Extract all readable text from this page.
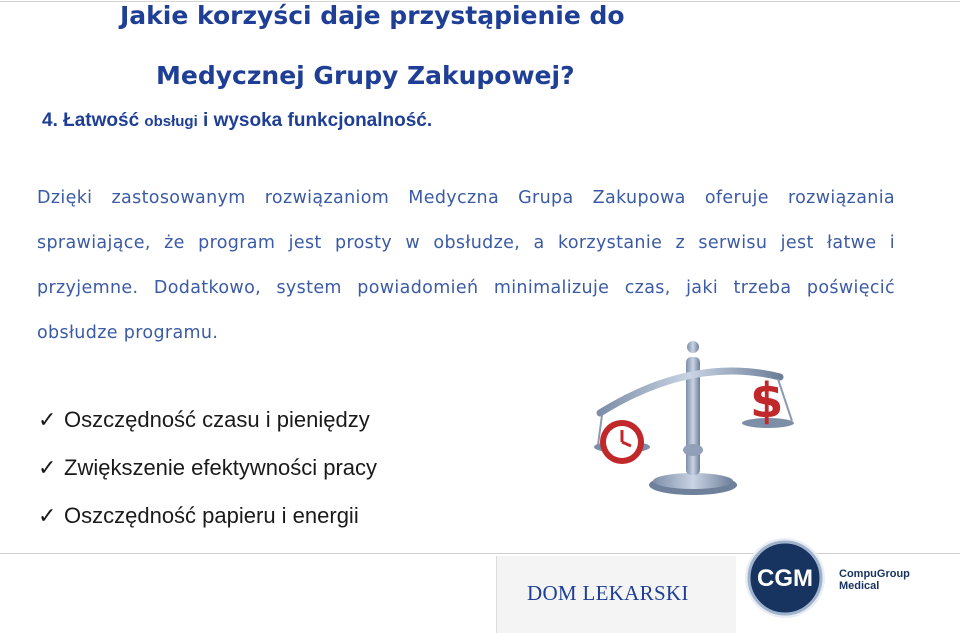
Jakie korzyści daje przystąpienie do
Medycznej Grupy Zakupowej?
4. Łatwość obsługi i wysoka funkcjonalność.
Dzięki zastosowanym rozwiązaniom Medyczna Grupa Zakupowa oferuje rozwiązania sprawiające, że program jest prosty w obsłudze, a korzystanie z serwisu jest łatwe i przyjemne. Dodatkowo, system powiadomień minimalizuje czas, jaki trzeba poświęcić obsłudze programu.
✓ Oszczędność czasu i pieniędzy
✓ Zwiększenie efektywności pracy
✓ Oszczędność papieru i energii
$
DOM LEKARSKI
CGM CompuGroup
Medical
